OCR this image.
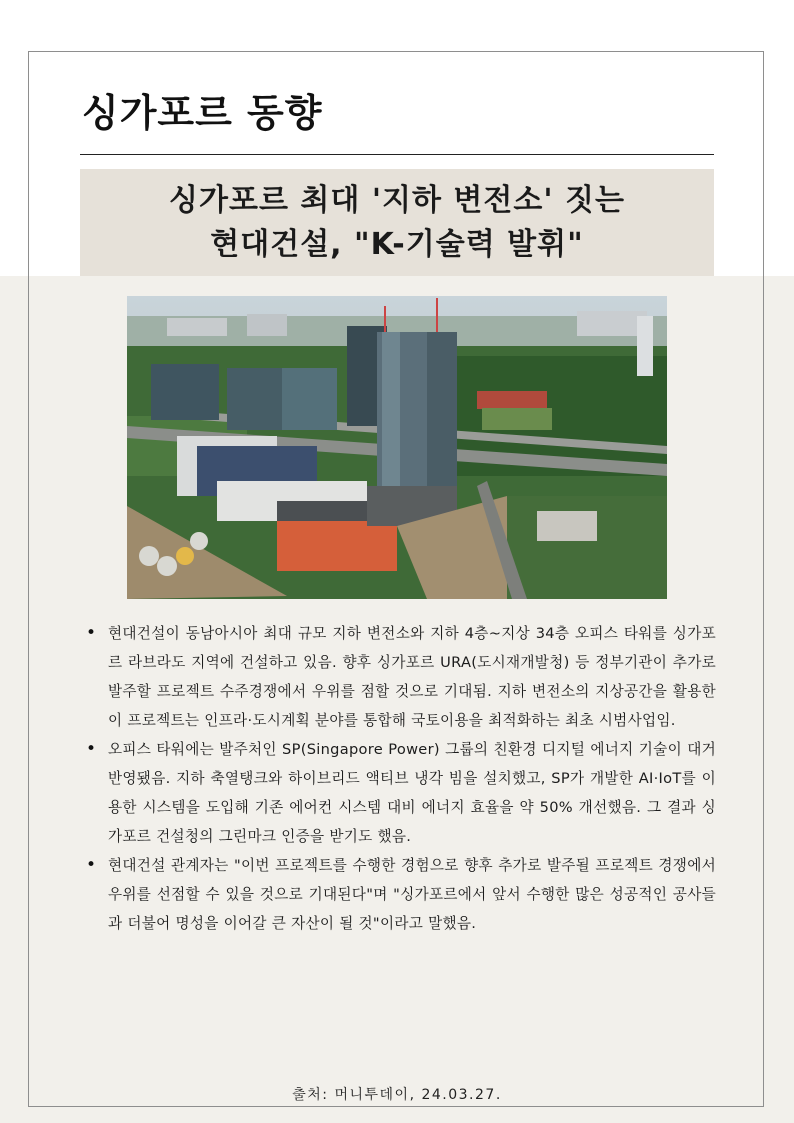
싱가포르 동향
싱가포르 최대 '지하 변전소' 짓는
현대건설, "K-기술력 발휘"
• 현대건설이 동남아시아 최대 규모 지하 변전소와 지하 4층~지상 34층 오피스 타워를 싱가포르 라브라도 지역에 건설하고 있음. 향후 싱가포르 URA(도시재개발청) 등 정부기관이 추가로 발주할 프로젝트 수주경쟁에서 우위를 점할 것으로 기대됨. 지하 변전소의 지상공간을 활용한 이 프로젝트는 인프라·도시계획 분야를 통합해 국토이용을 최적화하는 최초 시범사업임.
• 오피스 타워에는 발주처인 SP(Singapore Power) 그룹의 친환경 디지털 에너지 기술이 대거 반영됐음. 지하 축열탱크와 하이브리드 액티브 냉각 빔을 설치했고, SP가 개발한 AI·IoT를 이용한 시스템을 도입해 기존 에어컨 시스템 대비 에너지 효율을 약 50% 개선했음. 그 결과 싱가포르 건설청의 그린마크 인증을 받기도 했음.
• 현대건설 관계자는 "이번 프로젝트를 수행한 경험으로 향후 추가로 발주될 프로젝트 경쟁에서 우위를 선점할 수 있을 것으로 기대된다"며 "싱가포르에서 앞서 수행한 많은 성공적인 공사들과 더불어 명성을 이어갈 큰 자산이 될 것"이라고 말했음.
출처: 머니투데이, 24.03.27.
